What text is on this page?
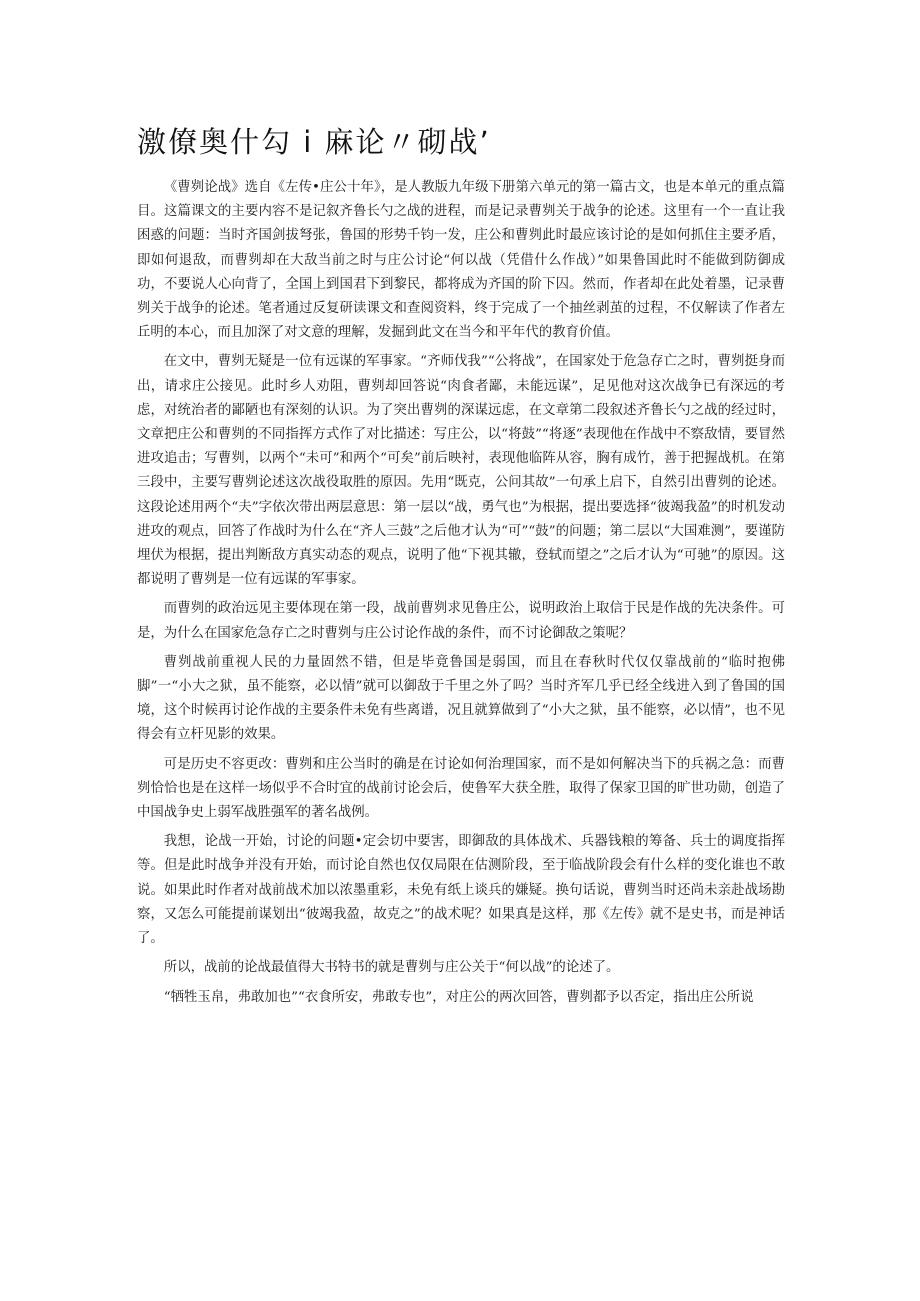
激僚奥什勾 i 麻论〃砌战’

《曹刿论战》选自《左传•庄公十年》，是人教版九年级下册第六单元的第一篇古文，也是本单元的重点篇目。这篇课文的主要内容不是记叙齐鲁长勺之战的进程，而是记录曹刿关于战争的论述。这里有一个一直让我困惑的问题：当时齐国剑拔弩张，鲁国的形势千钧一发，庄公和曹刿此时最应该讨论的是如何抓住主要矛盾，即如何退敌，而曹刿却在大敌当前之时与庄公讨论“何以战（凭借什么作战）”如果鲁国此时不能做到防御成功，不要说人心向背了，全国上到国君下到黎民，都将成为齐国的阶下囚。然而，作者却在此处着墨，记录曹刿关于战争的论述。笔者通过反复研读课文和查阅资料，终于完成了一个抽丝剥茧的过程，不仅解读了作者左丘明的本心，而且加深了对文意的理解，发掘到此文在当今和平年代的教育价值。

在文中，曹刿无疑是一位有远谋的军事家。“齐师伐我”“公将战”，在国家处于危急存亡之时，曹刿挺身而出，请求庄公接见。此时乡人劝阻，曹刿却回答说“肉食者鄙，未能远谋”，足见他对这次战争已有深远的考虑，对统治者的鄙陋也有深刻的认识。为了突出曹刿的深谋远虑，在文章第二段叙述齐鲁长勺之战的经过时，文章把庄公和曹刿的不同指挥方式作了对比描述：写庄公，以“将鼓”“将逐”表现他在作战中不察敌情，要冒然进攻追击；写曹刿，以两个“未可”和两个“可矣”前后映衬，表现他临阵从容，胸有成竹，善于把握战机。在第三段中，主要写曹刿论述这次战役取胜的原因。先用“既克，公问其故”一句承上启下，自然引出曹刿的论述。这段论述用两个“夫”字依次带出两层意思：第一层以“战，勇气也”为根据，提出要选择“彼竭我盈”的时机发动进攻的观点，回答了作战时为什么在“齐人三鼓”之后他才认为“可”“鼓”的问题；第二层以“大国难测”，要谨防埋伏为根据，提出判断敌方真实动态的观点，说明了他“下视其辙，登轼而望之”之后才认为“可驰”的原因。这都说明了曹刿是一位有远谋的军事家。

而曹刿的政治远见主要体现在第一段，战前曹刿求见鲁庄公，说明政治上取信于民是作战的先决条件。可是，为什么在国家危急存亡之时曹刿与庄公讨论作战的条件，而不讨论御敌之策呢？

曹刿战前重视人民的力量固然不错，但是毕竟鲁国是弱国，而且在春秋时代仅仅靠战前的“临时抱佛脚”一“小大之狱，虽不能察，必以情”就可以御敌于千里之外了吗？当时齐军几乎已经全线进入到了鲁国的国境，这个时候再讨论作战的主要条件未免有些离谱，况且就算做到了“小大之狱，虽不能察，必以情”，也不见得会有立杆见影的效果。

可是历史不容更改：曹刿和庄公当时的确是在讨论如何治理国家，而不是如何解决当下的兵祸之急：而曹刿恰恰也是在这样一场似乎不合时宜的战前讨论会后，使鲁军大获全胜，取得了保家卫国的旷世功勋，创造了中国战争史上弱军战胜强军的著名战例。

我想，论战一开始，讨论的问题•定会切中要害，即御敌的具体战术、兵器钱粮的筹备、兵士的调度指挥等。但是此时战争并没有开始，而讨论自然也仅仅局限在估测阶段，至于临战阶段会有什么样的变化谁也不敢说。如果此时作者对战前战术加以浓墨重彩，未免有纸上谈兵的嫌疑。换句话说，曹刿当时还尚未亲赴战场勘察，又怎么可能提前谋划出“彼竭我盈，故克之”的战术呢？如果真是这样，那《左传》就不是史书，而是神话了。

所以，战前的论战最值得大书特书的就是曹刿与庄公关于“何以战”的论述了。

“牺牲玉帛，弗敢加也”“衣食所安，弗敢专也”，对庄公的两次回答，曹刿都予以否定，指出庄公所说
